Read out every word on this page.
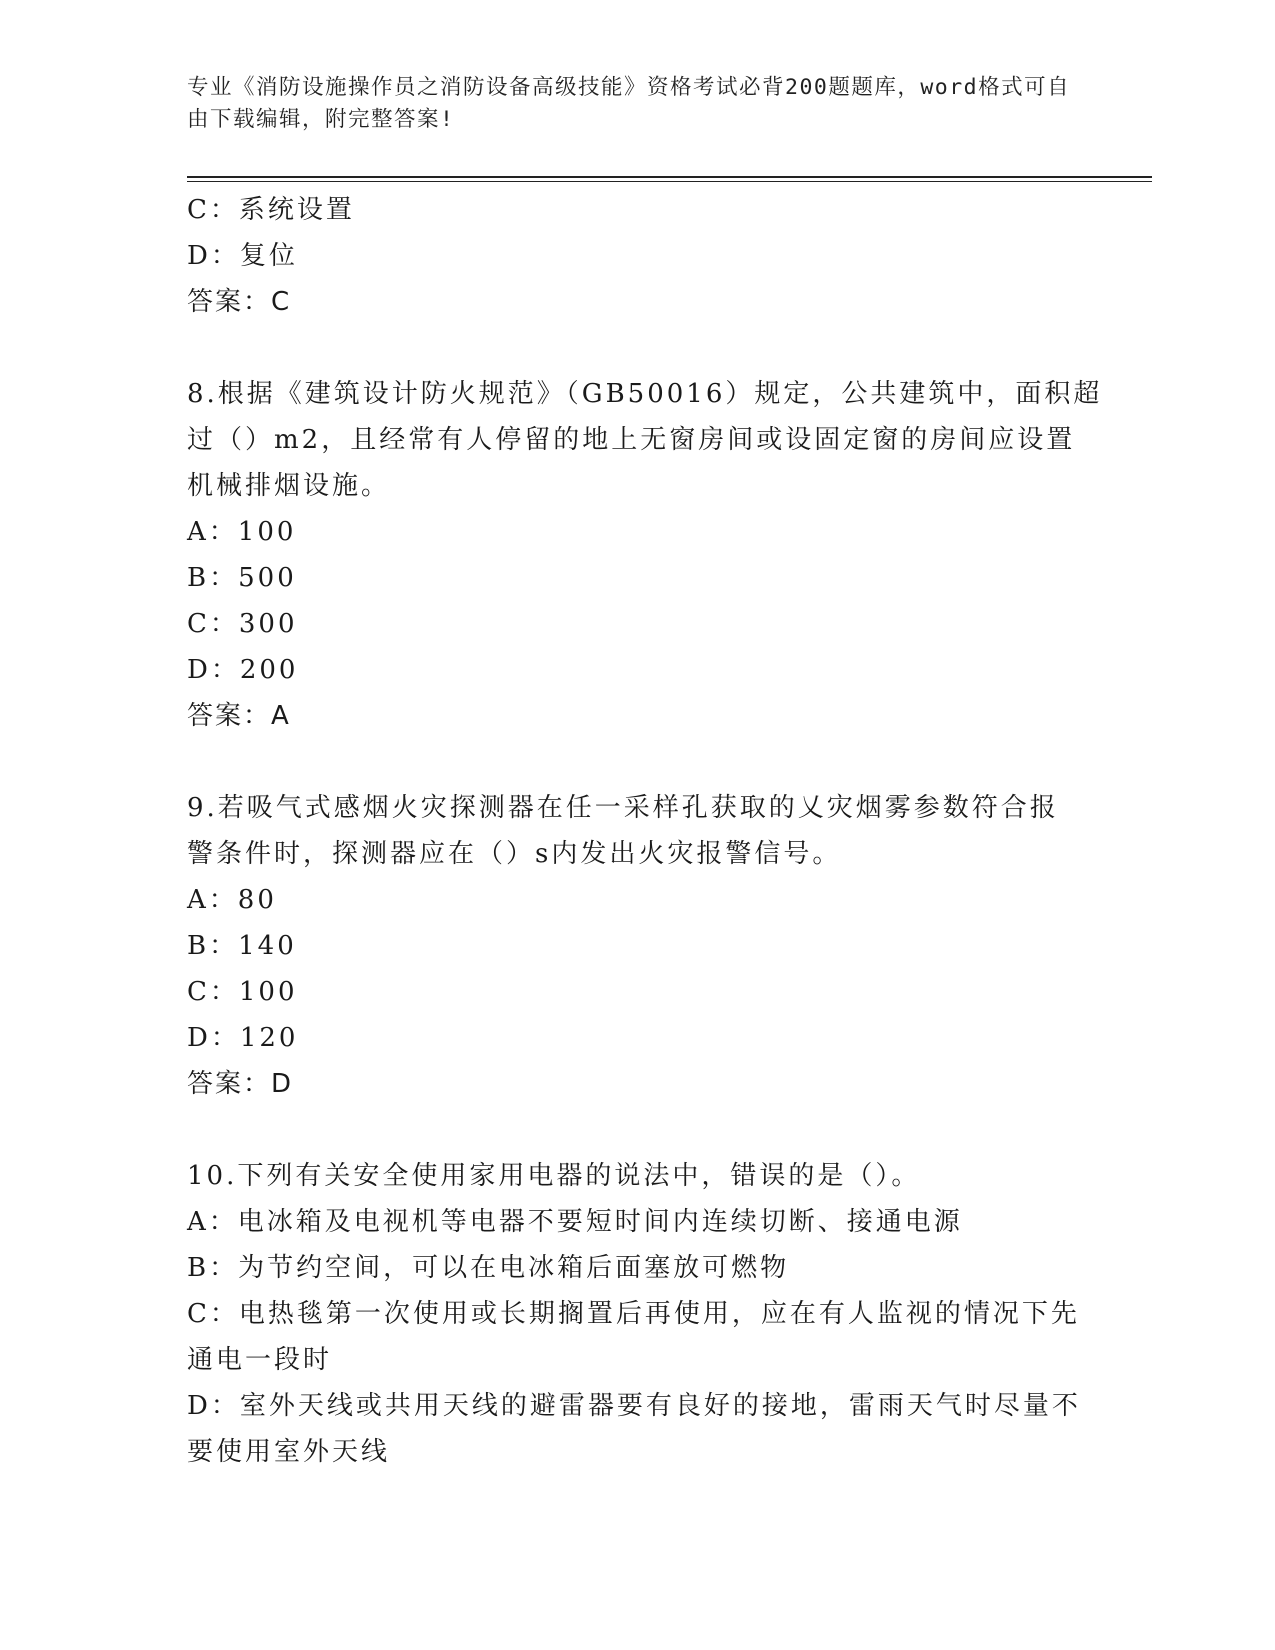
专业《消防设施操作员之消防设备高级技能》资格考试必背200题题库，word格式可自由下载编辑，附完整答案!

C：系统设置

D：复位

答案：C

8.根据《建筑设计防火规范》（GB50016）规定，公共建筑中，面积超

过（）m2，且经常有人停留的地上无窗房间或设固定窗的房间应设置

机械排烟设施。

A：100

B：500

C：300

D：200

答案：A

9.若吸气式感烟火灾探测器在任一采样孔获取的乂灾烟雾参数符合报

警条件时，探测器应在（）s内发出火灾报警信号。

A：80

B：140

C：100

D：120

答案：D

10.下列有关安全使用家用电器的说法中，错误的是（）。

A：电冰箱及电视机等电器不要短时间内连续切断、接通电源

B：为节约空间，可以在电冰箱后面塞放可燃物

C：电热毯第一次使用或长期搁置后再使用，应在有人监视的情况下先

通电一段时

D：室外天线或共用天线的避雷器要有良好的接地，雷雨天气时尽量不

要使用室外天线
